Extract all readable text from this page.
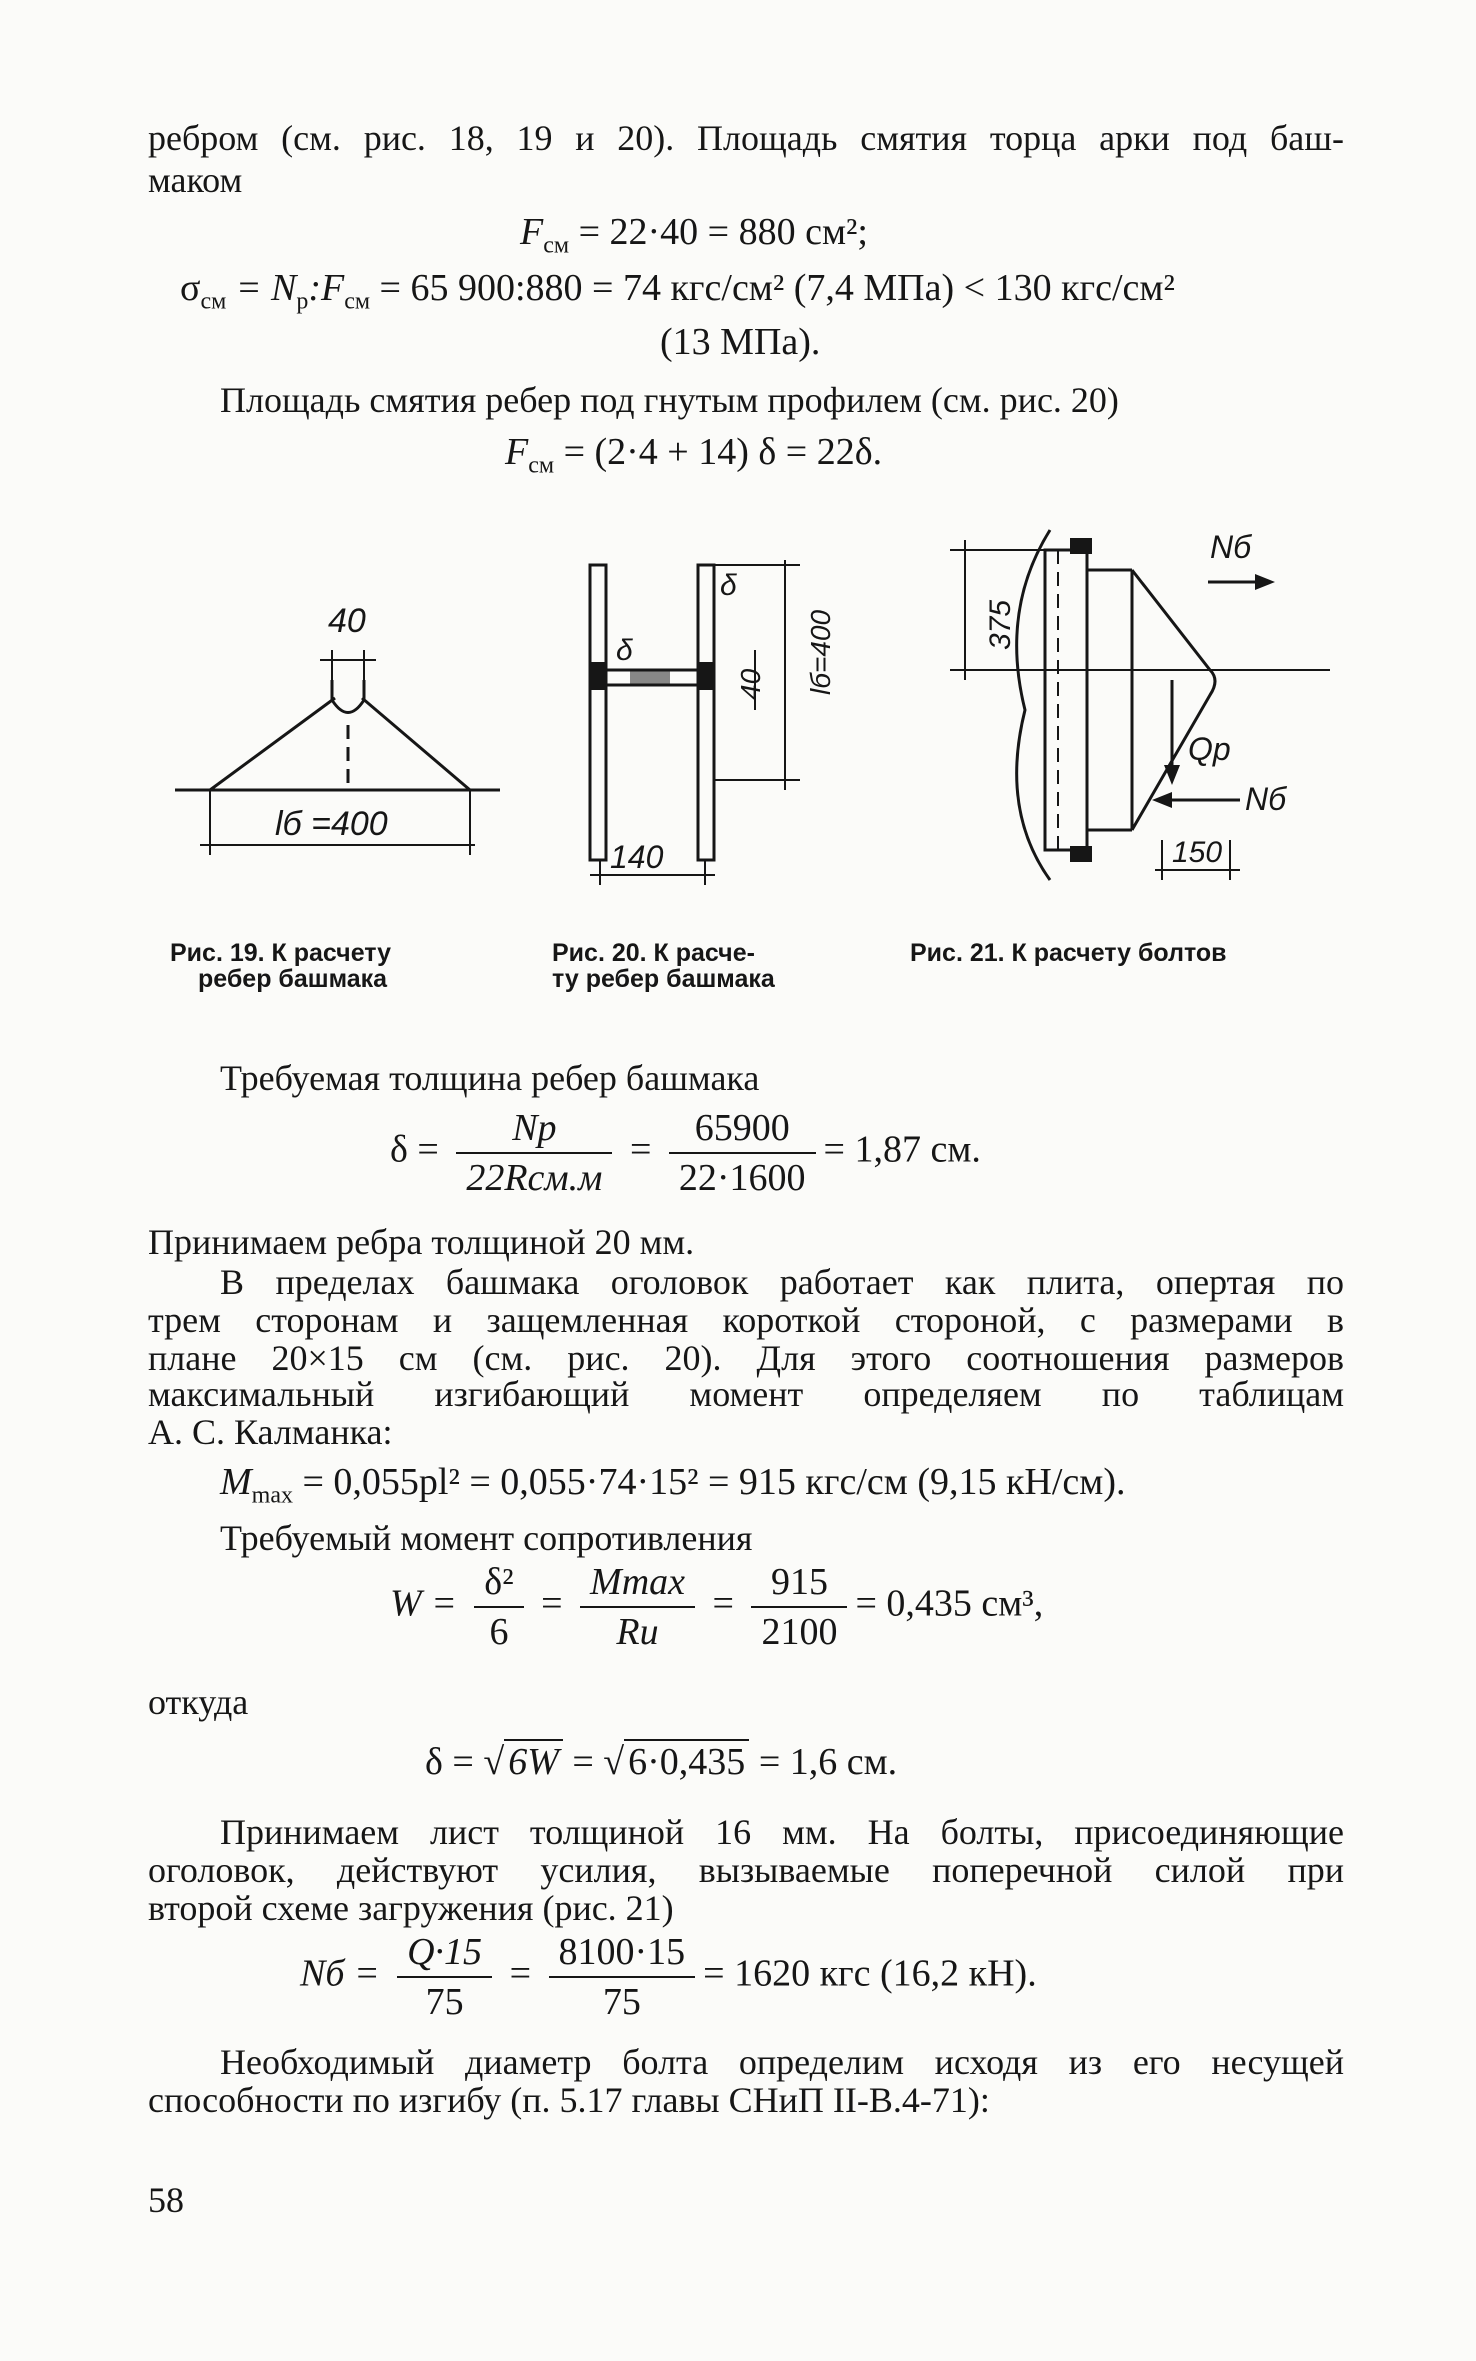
ребром (см. рис. 18, 19 и 20). Площадь смятия торца арки под баш-
маком
$F_{см} = 22\cdot 40 = 880$ см²;
$\sigma_{см}$ = $N_р:F_{см} = 65$ 900:880 = 74 кгс/см² (7,4 МПа) < 130 кгс/см²
(13 МПа).
Площадь смятия ребер под гнутым профилем (см. рис. 20)
$F_{см} = (2\cdot 4 + 14) \delta = 22\delta$.
40
lб =400
Рис. 19. К расчету
ребер башмака
δ
δ
40 lб=400
140
Рис. 20. К расче-
ту ребер башмака
375
Nб
Qр
Nб
150
Рис. 21. К расчету болтов
Требуемая толщина ребер башмака
$\delta = \frac{Nр}{\text{22Rсм.м}} = \frac{65900}{22\cdot 1600} = 1,87$ см.
Принимаем ребра толщиной 20 мм.
В пределах башмака оголовок работает как плита, опертая по
трем сторонам и защемленная короткой стороной, с размерами в
плане 20×15 см (см. рис. 20). Для этого соотношения размеров
максимальный изгибающий момент определяем по таблицам
А. С. Калманка:
$M_{max} = 0,055pl^2 = 0,055\cdot 74\cdot 15^2 = 915$ кгс/см (9,15 кН/см).
Требуемый момент сопротивления
$W = \frac{\text{δ²}}{6} = \frac{Mmax}{Rи} = \frac{915}{2100} = 0,435$ см³,
откуда
δ = √ 6W = √ 6·0,435 = 1,6 см.
Принимаем лист толщиной 16 мм. На болты, присоединяющие
оголовок, действуют усилия, вызываемые поперечной силой при
второй схеме загружения (рис. 21)
Nб = $\frac{Q\cdot 15}{75} = \frac{8100\cdot 15}{75} = 1620$ кгс (16,2 кН).
Необходимый диаметр болта определим исходя из его несущей
способности по изгибу (п. 5.17 главы СНиП II-В.4-71):
58
